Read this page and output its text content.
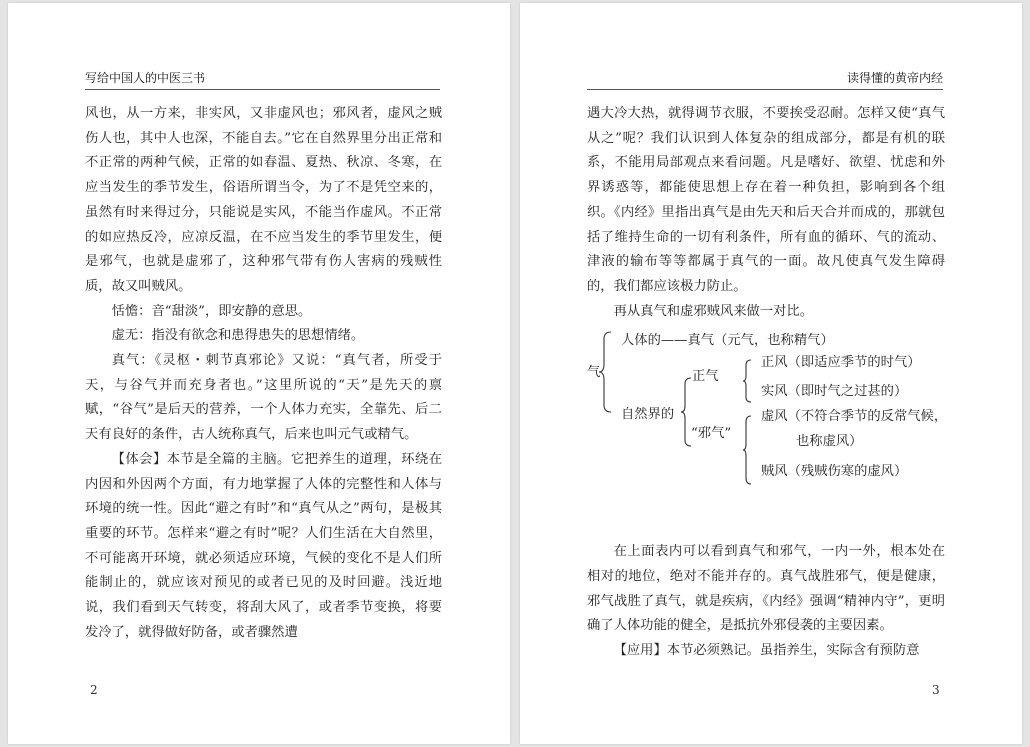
写给中国人的中医三书

风也，从一方来，非实风，又非虚风也；邪风者，虚风之贼伤人也，其中人也深，不能自去。”它在自然界里分出正常和不正常的两种气候，正常的如春温、夏热、秋凉、冬寒，在应当发生的季节发生，俗语所谓当令，为了不是凭空来的，虽然有时来得过分，只能说是实风，不能当作虚风。不正常的如应热反冷，应凉反温，在不应当发生的季节里发生，便是邪气，也就是虚邪了，这种邪气带有伤人害病的残贼性质，故又叫贼风。

恬憺：音“甜淡”，即安静的意思。

虚无：指没有欲念和患得患失的思想情绪。

真气：《灵枢・刺节真邪论》又说：“真气者，所受于天，与谷气并而充身者也。”这里所说的“天”是先天的禀赋，“谷气”是后天的营养，一个人体力充实，全靠先、后二天有良好的条件，古人统称真气，后来也叫元气或精气。

【体会】本节是全篇的主脑。它把养生的道理，环绕在内因和外因两个方面，有力地掌握了人体的完整性和人体与环境的统一性。因此“避之有时”和“真气从之”两句，是极其重要的环节。怎样来“避之有时”呢？人们生活在大自然里，不可能离开环境，就必须适应环境，气候的变化不是人们所能制止的，就应该对预见的或者已见的及时回避。浅近地说，我们看到天气转变，将刮大风了，或者季节变换，将要发冷了，就得做好防备，或者骤然遭

2
读得懂的黄帝内经

遇大冷大热，就得调节衣服，不要挨受忍耐。怎样又使“真气从之”呢？我们认识到人体复杂的组成部分，都是有机的联系，不能用局部观点来看问题。凡是嗜好、欲望、忧虑和外界诱惑等，都能使思想上存在着一种负担，影响到各个组织。《内经》里指出真气是由先天和后天合并而成的，那就包括了维持生命的一切有利条件，所有血的循环、气的流动、津液的输布等等都属于真气的一面。故凡使真气发生障碍的，我们都应该极力防止。

再从真气和虚邪贼风来做一对比。

气
人体的——真气（元气，也称精气）
自然界的
正气
“邪气”
正风（即适应季节的时气）
实风（即时气之过甚的）
虚风（不符合季节的反常气候，
也称虚风）
贼风（残贼伤寒的虚风）

在上面表内可以看到真气和邪气，一内一外，根本处在相对的地位，绝对不能并存的。真气战胜邪气，便是健康，邪气战胜了真气，就是疾病，《内经》强调“精神内守”，更明确了人体功能的健全，是抵抗外邪侵袭的主要因素。

【应用】本节必须熟记。虽指养生，实际含有预防意

3
